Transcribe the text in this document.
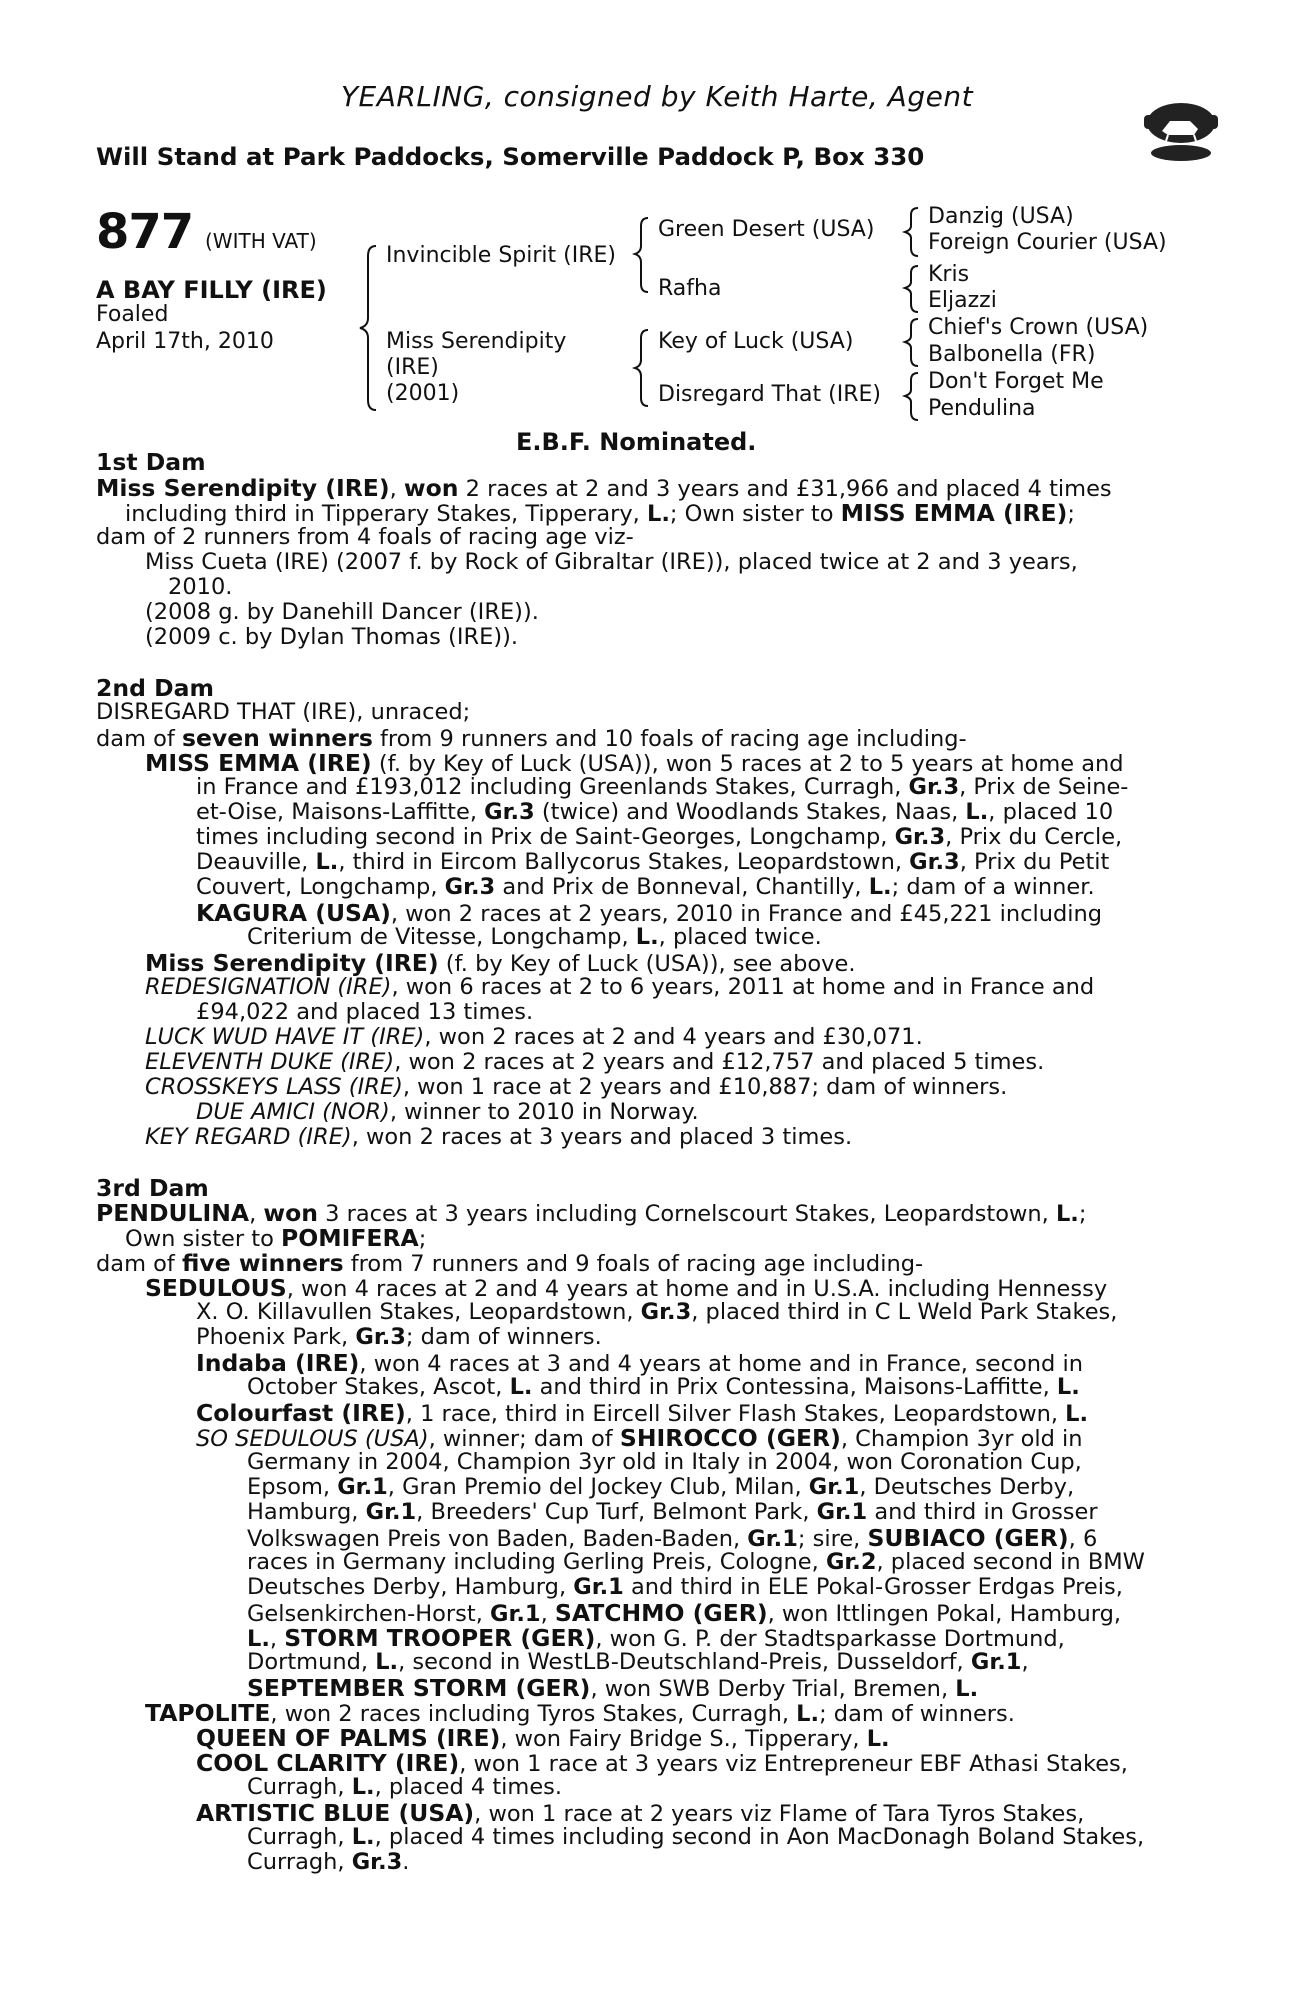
YEARLING, consigned by Keith Harte, Agent
Will Stand at Park Paddocks, Somerville Paddock P, Box 330
877 (WITH VAT)
A BAY FILLY (IRE)
Foaled
April 17th, 2010
Invincible Spirit (IRE)
Miss Serendipity
(IRE)
(2001)
Green Desert (USA)
Rafha
Key of Luck (USA)
Disregard That (IRE)
Danzig (USA)
Foreign Courier (USA)
Kris
Eljazzi
Chief's Crown (USA)
Balbonella (FR)
Don't Forget Me
Pendulina
E.B.F. Nominated.
1st Dam
Miss Serendipity (IRE), won 2 races at 2 and 3 years and £31,966 and placed 4 times
including third in Tipperary Stakes, Tipperary, L.; Own sister to MISS EMMA (IRE);
dam of 2 runners from 4 foals of racing age viz-
Miss Cueta (IRE) (2007 f. by Rock of Gibraltar (IRE)), placed twice at 2 and 3 years,
2010.
(2008 g. by Danehill Dancer (IRE)).
(2009 c. by Dylan Thomas (IRE)).
2nd Dam
DISREGARD THAT (IRE), unraced;
dam of seven winners from 9 runners and 10 foals of racing age including-
MISS EMMA (IRE) (f. by Key of Luck (USA)), won 5 races at 2 to 5 years at home and
in France and £193,012 including Greenlands Stakes, Curragh, Gr.3, Prix de Seine-
et-Oise, Maisons-Laffitte, Gr.3 (twice) and Woodlands Stakes, Naas, L., placed 10
times including second in Prix de Saint-Georges, Longchamp, Gr.3, Prix du Cercle,
Deauville, L., third in Eircom Ballycorus Stakes, Leopardstown, Gr.3, Prix du Petit
Couvert, Longchamp, Gr.3 and Prix de Bonneval, Chantilly, L.; dam of a winner.
KAGURA (USA), won 2 races at 2 years, 2010 in France and £45,221 including
Criterium de Vitesse, Longchamp, L., placed twice.
Miss Serendipity (IRE) (f. by Key of Luck (USA)), see above.
REDESIGNATION (IRE), won 6 races at 2 to 6 years, 2011 at home and in France and
£94,022 and placed 13 times.
LUCK WUD HAVE IT (IRE), won 2 races at 2 and 4 years and £30,071.
ELEVENTH DUKE (IRE), won 2 races at 2 years and £12,757 and placed 5 times.
CROSSKEYS LASS (IRE), won 1 race at 2 years and £10,887; dam of winners.
DUE AMICI (NOR), winner to 2010 in Norway.
KEY REGARD (IRE), won 2 races at 3 years and placed 3 times.
3rd Dam
PENDULINA, won 3 races at 3 years including Cornelscourt Stakes, Leopardstown, L.;
Own sister to POMIFERA;
dam of five winners from 7 runners and 9 foals of racing age including-
SEDULOUS, won 4 races at 2 and 4 years at home and in U.S.A. including Hennessy
X. O. Killavullen Stakes, Leopardstown, Gr.3, placed third in C L Weld Park Stakes,
Phoenix Park, Gr.3; dam of winners.
Indaba (IRE), won 4 races at 3 and 4 years at home and in France, second in
October Stakes, Ascot, L. and third in Prix Contessina, Maisons-Laffitte, L.
Colourfast (IRE), 1 race, third in Eircell Silver Flash Stakes, Leopardstown, L.
SO SEDULOUS (USA), winner; dam of SHIROCCO (GER), Champion 3yr old in
Germany in 2004, Champion 3yr old in Italy in 2004, won Coronation Cup,
Epsom, Gr.1, Gran Premio del Jockey Club, Milan, Gr.1, Deutsches Derby,
Hamburg, Gr.1, Breeders' Cup Turf, Belmont Park, Gr.1 and third in Grosser
Volkswagen Preis von Baden, Baden-Baden, Gr.1; sire, SUBIACO (GER), 6
races in Germany including Gerling Preis, Cologne, Gr.2, placed second in BMW
Deutsches Derby, Hamburg, Gr.1 and third in ELE Pokal-Grosser Erdgas Preis,
Gelsenkirchen-Horst, Gr.1, SATCHMO (GER), won Ittlingen Pokal, Hamburg,
L., STORM TROOPER (GER), won G. P. der Stadtsparkasse Dortmund,
Dortmund, L., second in WestLB-Deutschland-Preis, Dusseldorf, Gr.1,
SEPTEMBER STORM (GER), won SWB Derby Trial, Bremen, L.
TAPOLITE, won 2 races including Tyros Stakes, Curragh, L.; dam of winners.
QUEEN OF PALMS (IRE), won Fairy Bridge S., Tipperary, L.
COOL CLARITY (IRE), won 1 race at 3 years viz Entrepreneur EBF Athasi Stakes,
Curragh, L., placed 4 times.
ARTISTIC BLUE (USA), won 1 race at 2 years viz Flame of Tara Tyros Stakes,
Curragh, L., placed 4 times including second in Aon MacDonagh Boland Stakes,
Curragh, Gr.3.
